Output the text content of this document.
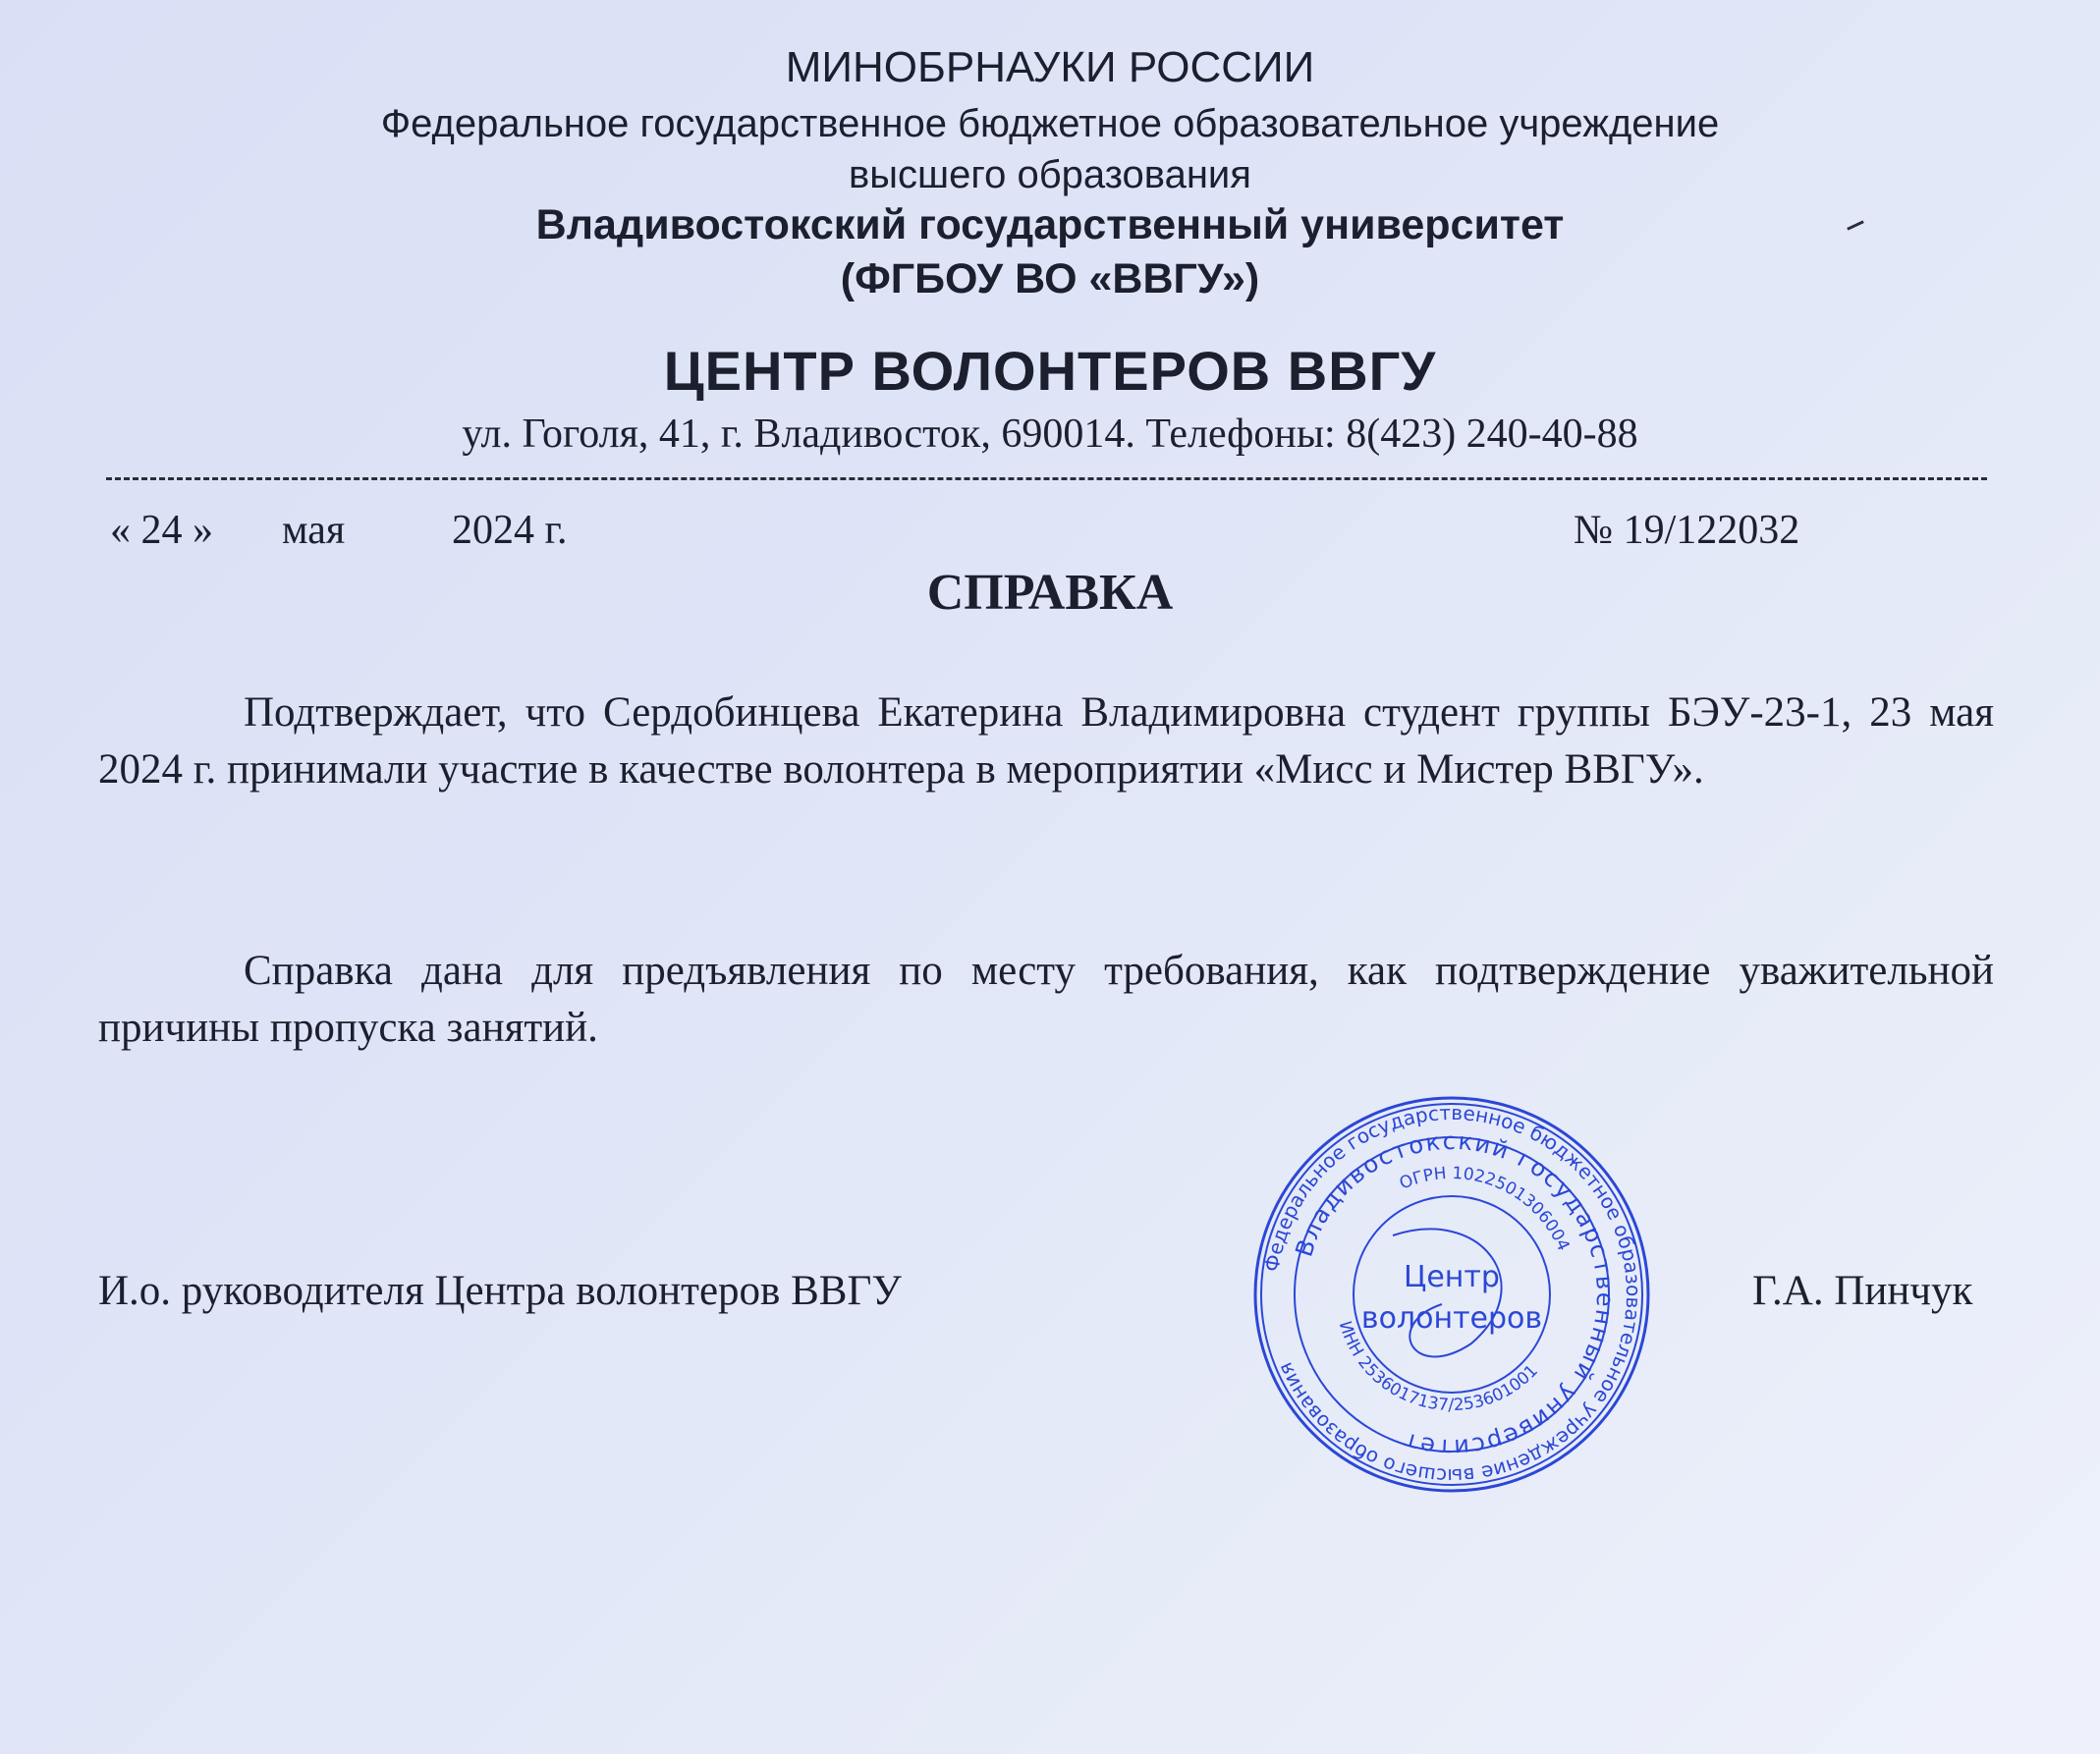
МИНОБРНАУКИ РОССИИ
Федеральное государственное бюджетное образовательное учреждение
высшего образования
Владивостокский государственный университет
(ФГБОУ ВО «ВВГУ»)
ЦЕНТР ВОЛОНТЕРОВ ВВГУ
ул. Гоголя, 41, г. Владивосток, 690014. Телефоны: 8(423) 240-40-88
« 24 » мая	2024 г.	№ 19/122032
СПРАВКА
Подтверждает, что Сердобинцева Екатерина Владимировна студент группы БЭУ-23-1, 23 мая 2024 г. принимали участие в качестве волонтера в мероприятии «Мисс и Мистер ВВГУ».
Справка дана для предъявления по месту требования, как подтверждение уважительной причины пропуска занятий.
И.о. руководителя Центра волонтеров ВВГУ	Г.А. Пинчук
Федеральное государственное бюджетное образовательное учреждение высшего образования
Владивостокский государственный университет
ОГРН 1022501306004
ИНН 2536017137/253601001
Центр
волонтеров
